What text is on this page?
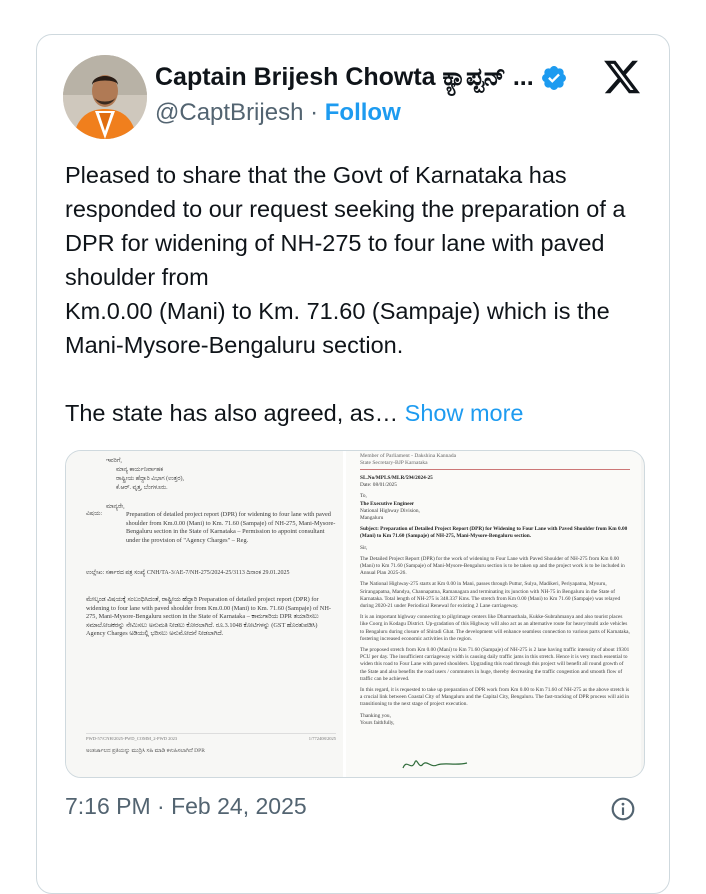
Captain Brijesh Chowta ಕ್ಯಾಪ್ಟನ್ ...
@CaptBrijesh · Follow

Pleased to share that the Govt of Karnataka has responded to our request seeking the preparation of a DPR for widening of NH-275 to four lane with paved shoulder from

Km.0.00 (Mani) to Km. 71.60 (Sampaje) which is the Mani-Mysore-Bengaluru section.

The state has also agreed, as… Show more

ಇವರಿಗೆ,
ಮಾನ್ಯ ಕಾರ್ಯನಿರ್ವಾಹಕ
ರಾಷ್ಟ್ರೀಯ ಹೆದ್ದಾರಿ ವಿಭಾಗ (ಉತ್ತರ),
ಕೆ.ಆರ್. ವೃತ್ತ, ಬೆಂಗಳೂರು.
ಮಾನ್ಯರೇ,
ವಿಷಯ:	Preparation of detailed project report (DPR) for widening to four lane with paved shoulder from Km.0.00 (Mani) to Km. 71.60 (Sampaje) of NH-275, Mani-Mysore-Bengaluru section in the State of Karnataka – Permission to appoint consultant under the provision of "Agency Charges" – Reg.
ಉಲ್ಲೇಖ: ಸರ್ಕಾರದ ಪತ್ರ ಸಂಖ್ಯೆ CNH/TA-3/AE-7/NH-275/2024-25/3113 ದಿನಾಂಕ 29.01.2025
ಮೇಲ್ಕಂಡ ವಿಷಯಕ್ಕೆ ಸಂಬಂಧಿಸಿದಂತೆ, ರಾಷ್ಟ್ರೀಯ ಹೆದ್ದಾರಿ Preparation of detailed project report (DPR) for widening to four lane with paved shoulder from Km.0.00 (Mani) to Km. 71.60 (Sampaje) of NH-275, Mani-Mysore-Bengaluru section in the State of Karnataka – ಕಾಮಗಾರಿಯ DPR ತಯಾರಿಸಲು ಸಮಾಲೋಚಕರನ್ನು ನೇಮಿಸಲು ಅನುಮತಿ ನೀಡಲು ಕೋರಲಾಗಿದೆ. ರೂ.3.1048 ಕೋಟಿಗಳನ್ನು (GST ಹೊರತುಪಡಿಸಿ) Agency Charges ಅಡಿಯಲ್ಲಿ ಭರಿಸಲು ಅನುಮೋದನೆ ನೀಡಲಾಗಿದೆ.
PWD-57/CNH/2025-PWD_COMM_2-PWD 2023	1/772408/2025
ಅಂತರ್ಜಾಲದ ಪ್ರತಿಯನ್ನು ಮುದ್ರಿಸಿ ಸಹಿ ಮಾಡಿ ಕಳುಹಿಸಲಾಗಿದೆ DPR
Member of Parliament - Dakshina Kannada
State Secretary-BJP Karnataka

SL.No/MPLS/MLR/594/2024-25
Date: 08/01/2025

To,
The Executive Engineer
National Highway Division,
Mangaluru

Subject: Preparation of Detailed Project Report (DPR) for Widening to Four Lane with Paved Shoulder from Km 0.00 (Mani) to Km 71.60 (Sampaje) of NH-275, Mani-Mysore-Bengaluru section.

Sir,

The Detailed Project Report (DPR) for the work of widening to Four Lane with Paved Shoulder of NH-275 from Km 0.00 (Mani) to Km 71.60 (Sampaje) of Mani-Mysore-Bengaluru section is to be taken up and the project work is to be included in Annual Plan 2025-26.

The National Highway-275 starts at Km 0.00 in Mani, passes through Puttur, Sulya, Madikeri, Periyapatna, Mysuru, Srirangapatna, Mandya, Channapatna, Ramanagara and terminating its junction with NH-75 in Bengaluru in the State of Karnataka. Total length of NH-275 is 348.337 Kms. The stretch from Km 0.00 (Mani) to Km 71.60 (Sampaje) was relayed during 2020-21 under Periodical Renewal for existing 2 Lane carriageway.

It is an important highway connecting to pilgrimage centers like Dharmasthala, Kukke-Subrahmanya and also tourist places like Coorg in Kodagu District. Up-gradation of this Highway will also act as an alternative route for heavy/multi axle vehicles to Bengaluru during closure of Shiradi Ghat. The development will enhance seamless connection to various parts of Karnataka, fostering increased economic activities in the region.

The proposed stretch from Km 0.00 (Mani) to Km 71.60 (Sampaje) of NH-275 is 2 lane having traffic intensity of about 19301 PCU per day. The insufficient carriageway width is causing daily traffic jams in this stretch. Hence it is very much essential to widen this road to Four Lane with paved shoulders. Upgrading this road through this project will benefit all round growth of the State and also benefits the road users / commuters in huge, thereby decreasing the traffic congestion and smooth flow of traffic can be achieved.

In this regard, it is requested to take up preparation of DPR work from Km 0.00 to Km 71.60 of NH-275 as the above stretch is a crucial link between Coastal City of Mangaluru and the Capital City, Bengaluru. The fast-tracking of DPR process will aid in transitioning to the next stage of project execution.

Thanking you,
Yours faithfully,

7:16 PM · Feb 24, 2025
